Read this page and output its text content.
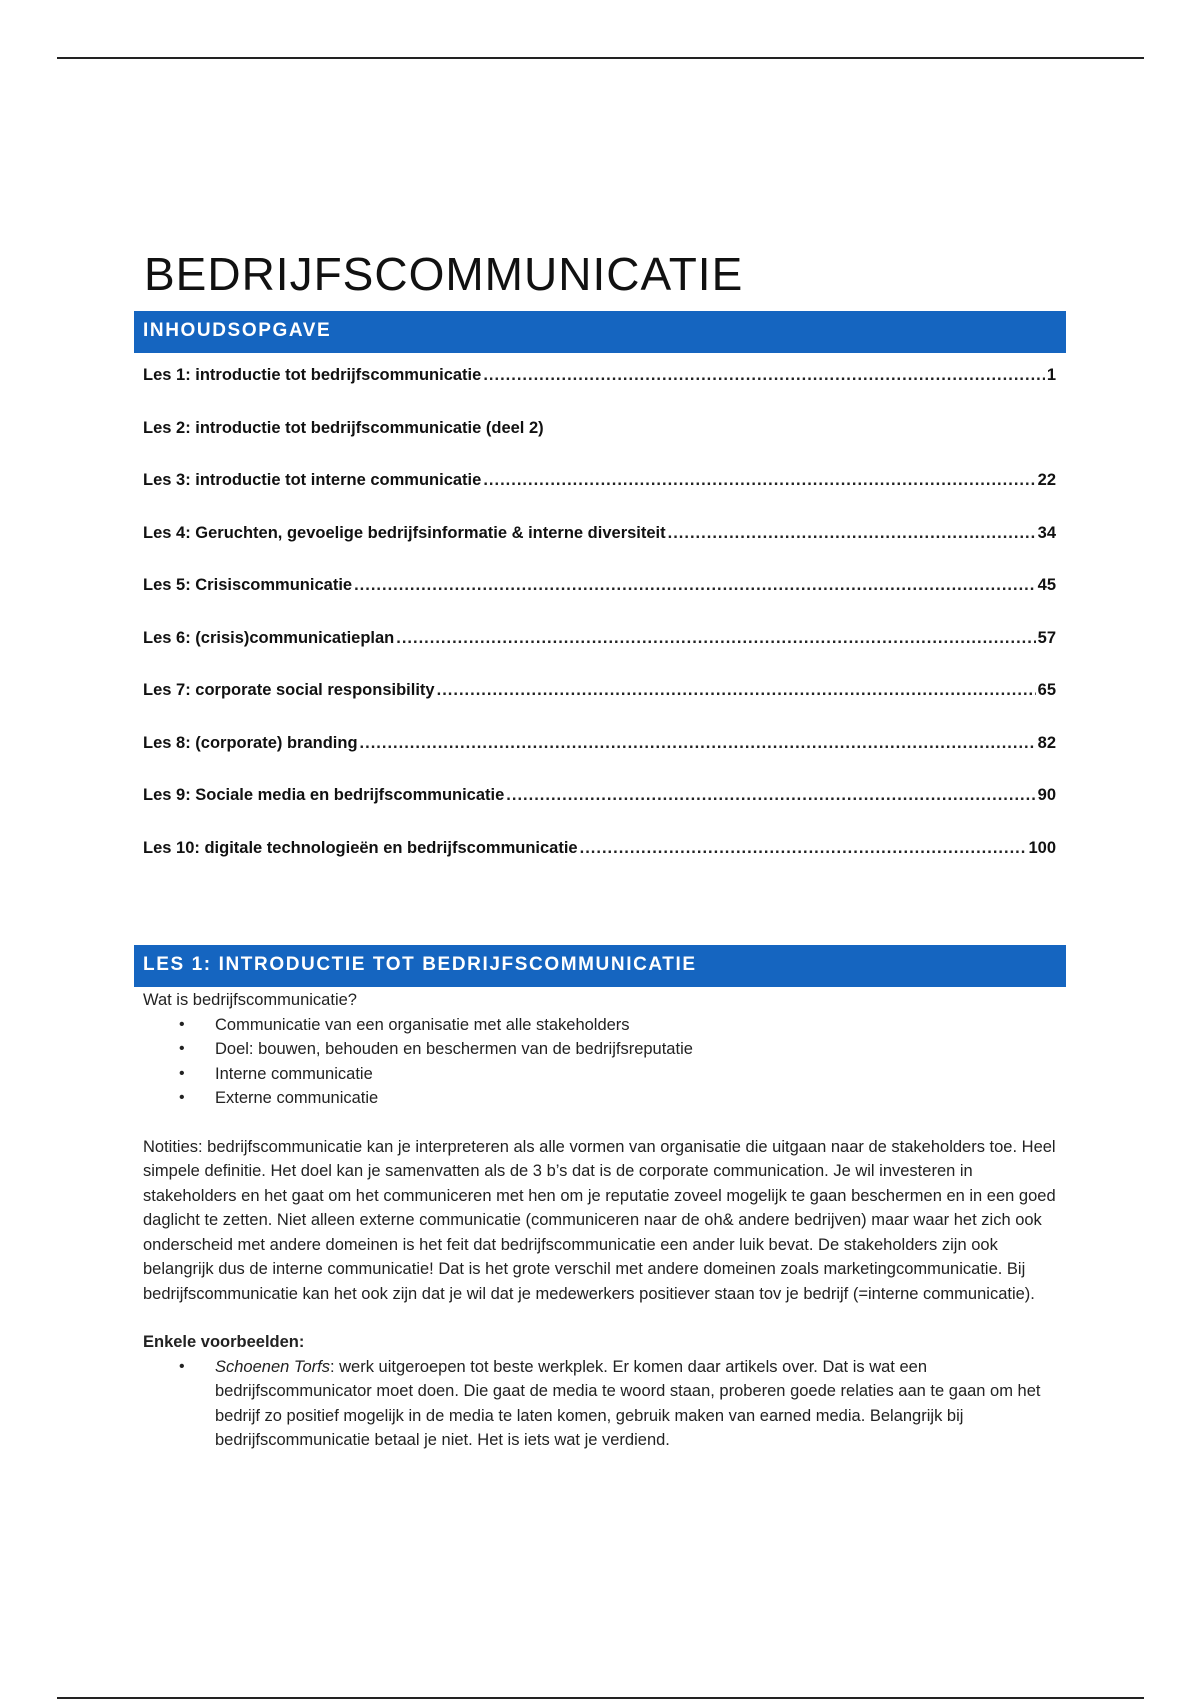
BEDRIJFSCOMMUNICATIE
INHOUDSOPGAVE
Les 1: introductie tot bedrijfscommunicatie .....	1
Les 2: introductie tot bedrijfscommunicatie (deel 2)
Les 3: introductie tot interne communicatie .....	22
Les 4: Geruchten, gevoelige bedrijfsinformatie & interne diversiteit .....	34
Les 5: Crisiscommunicatie .....	45
Les 6: (crisis)communicatieplan .....	57
Les 7: corporate social responsibility .....	65
Les 8: (corporate) branding .....	82
Les 9: Sociale media en bedrijfscommunicatie .....	90
Les 10: digitale technologieën en bedrijfscommunicatie .....	100
LES 1: INTRODUCTIE TOT BEDRIJFSCOMMUNICATIE

Wat is bedrijfscommunicatie?

• Communicatie van een organisatie met alle stakeholders
• Doel: bouwen, behouden en beschermen van de bedrijfsreputatie
• Interne communicatie
• Externe communicatie

Notities: bedrijfscommunicatie kan je interpreteren als alle vormen van organisatie die uitgaan naar de stakeholders toe. Heel simpele definitie. Het doel kan je samenvatten als de 3 b’s dat is de corporate communication. Je wil investeren in stakeholders en het gaat om het communiceren met hen om je reputatie zoveel mogelijk te gaan beschermen en in een goed daglicht te zetten. Niet alleen externe communicatie (communiceren naar de oh& andere bedrijven) maar waar het zich ook onderscheid met andere domeinen is het feit dat bedrijfscommunicatie een ander luik bevat. De stakeholders zijn ook belangrijk dus de interne communicatie! Dat is het grote verschil met andere domeinen zoals marketingcommunicatie. Bij bedrijfscommunicatie kan het ook zijn dat je wil dat je medewerkers positiever staan tov je bedrijf (=interne communicatie).

Enkele voorbeelden:

• Schoenen Torfs: werk uitgeroepen tot beste werkplek. Er komen daar artikels over. Dat is wat een bedrijfscommunicator moet doen. Die gaat de media te woord staan, proberen goede relaties aan te gaan om het bedrijf zo positief mogelijk in de media te laten komen, gebruik maken van earned media. Belangrijk bij bedrijfscommunicatie betaal je niet. Het is iets wat je verdiend.
